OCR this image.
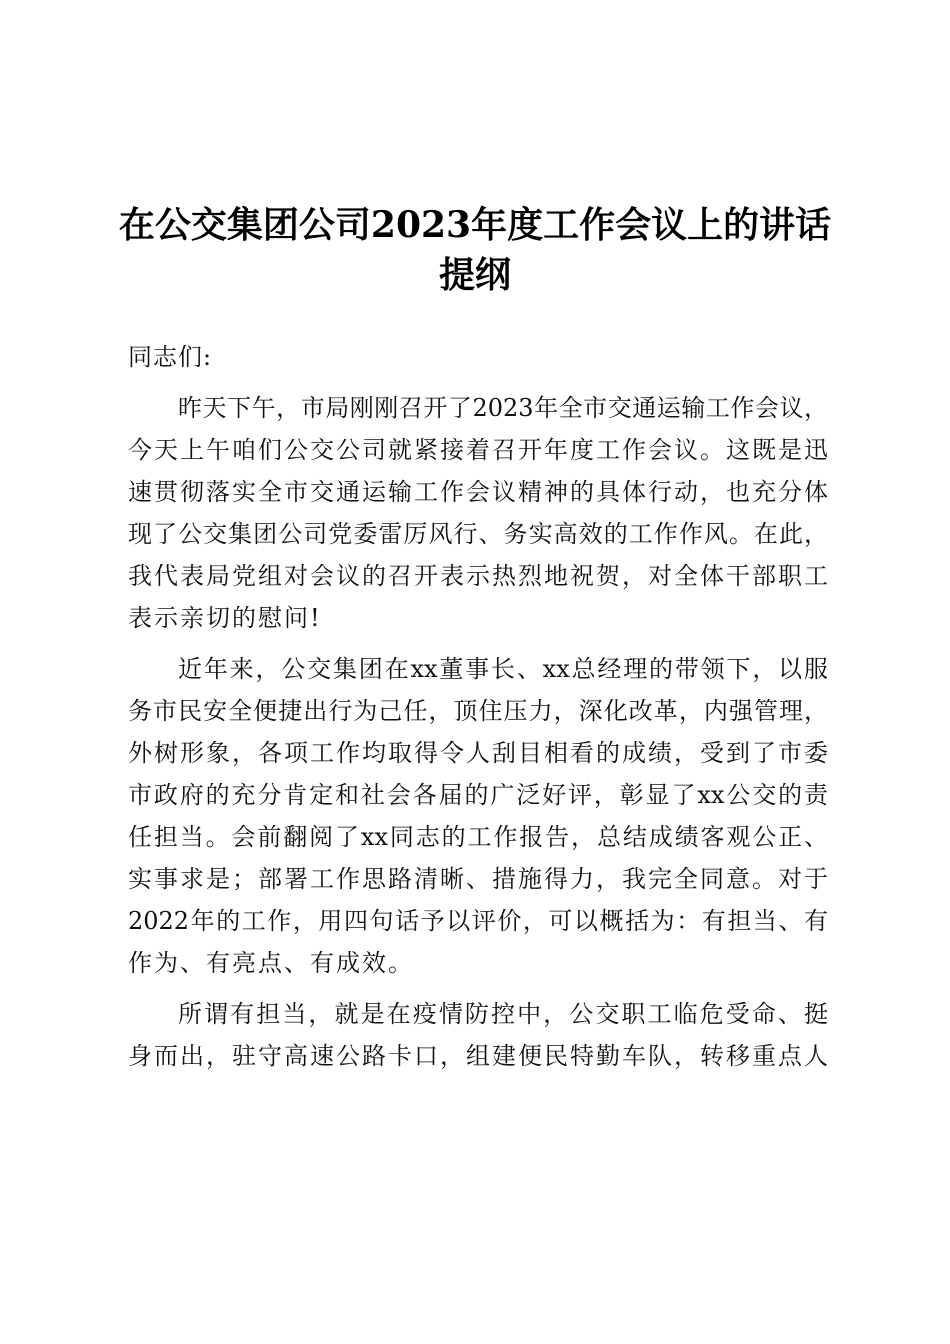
在公交集团公司2023年度工作会议上的讲话
提纲

同志们:

昨天下午，市局刚刚召开了2023年全市交通运输工作会议，
今天上午咱们公交公司就紧接着召开年度工作会议。这既是迅
速贯彻落实全市交通运输工作会议精神的具体行动，也充分体
现了公交集团公司党委雷厉风行、务实高效的工作作风。在此，
我代表局党组对会议的召开表示热烈地祝贺，对全体干部职工
表示亲切的慰问!

近年来，公交集团在xx董事长、xx总经理的带领下，以服
务市民安全便捷出行为己任，顶住压力，深化改革，内强管理，
外树形象，各项工作均取得令人刮目相看的成绩，受到了市委
市政府的充分肯定和社会各届的广泛好评，彰显了xx公交的责
任担当。会前翻阅了xx同志的工作报告，总结成绩客观公正、
实事求是；部署工作思路清晰、措施得力，我完全同意。对于
2022年的工作，用四句话予以评价，可以概括为：有担当、有
作为、有亮点、有成效。

所谓有担当，就是在疫情防控中，公交职工临危受命、挺
身而出，驻守高速公路卡口，组建便民特勤车队，转移重点人
